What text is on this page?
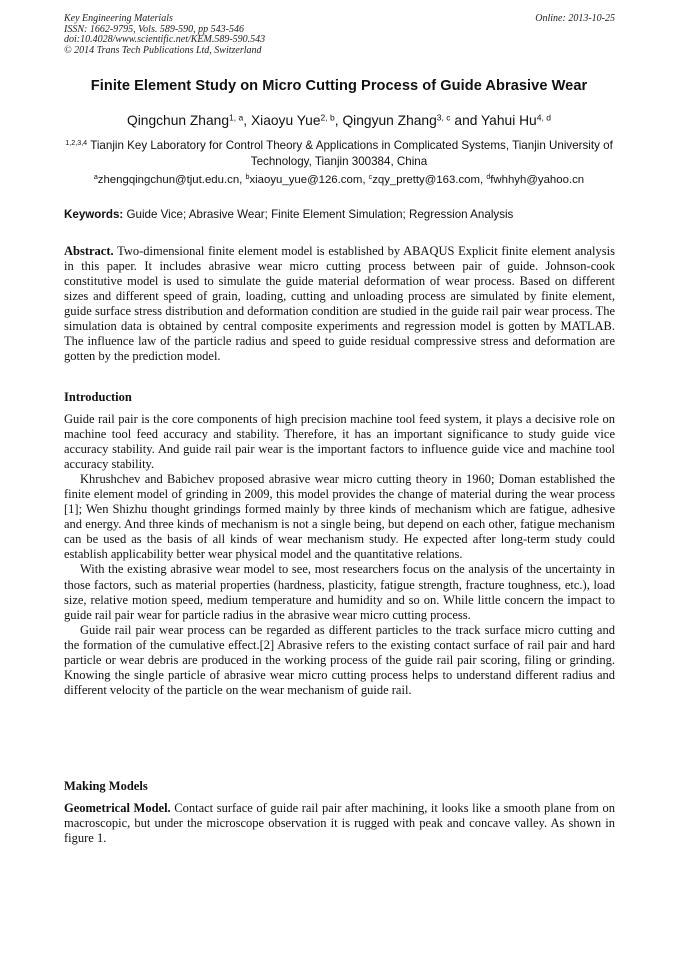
Key Engineering Materials	Online: 2013-10-25
ISSN: 1662-9795, Vols. 589-590, pp 543-546
doi:10.4028/www.scientific.net/KEM.589-590.543
© 2014 Trans Tech Publications Ltd, Switzerland
Finite Element Study on Micro Cutting Process of Guide Abrasive Wear
Qingchun Zhang$^{1, a}$, Xiaoyu Yue$^{2, b}$, Qingyun Zhang$^{3, c}$ and Yahui Hu$^{4, d}$
$^{1,2,3,4}$ Tianjin Key Laboratory for Control Theory & Applications in Complicated Systems, Tianjin University of Technology, Tianjin 300384, China
$^a$zhengqingchun@tjut.edu.cn, $^b$xiaoyu_yue@126.com, $^c$zqy_pretty@163.com, $^d$fwhhyh@yahoo.cn
Keywords: Guide Vice; Abrasive Wear; Finite Element Simulation; Regression Analysis

Abstract. Two-dimensional finite element model is established by ABAQUS Explicit finite element analysis in this paper. It includes abrasive wear micro cutting process between pair of guide. Johnson-cook constitutive model is used to simulate the guide material deformation of wear process. Based on different sizes and different speed of grain, loading, cutting and unloading process are simulated by finite element, guide surface stress distribution and deformation condition are studied in the guide rail pair wear process. The simulation data is obtained by central composite experiments and regression model is gotten by MATLAB. The influence law of the particle radius and speed to guide residual compressive stress and deformation are gotten by the prediction model.

Introduction

Guide rail pair is the core components of high precision machine tool feed system, it plays a decisive role on machine tool feed accuracy and stability. Therefore, it has an important significance to study guide vice accuracy stability. And guide rail pair wear is the important factors to influence guide vice and machine tool accuracy stability.

Khrushchev and Babichev proposed abrasive wear micro cutting theory in 1960; Doman established the finite element model of grinding in 2009, this model provides the change of material during the wear process [1]; Wen Shizhu thought grindings formed mainly by three kinds of mechanism which are fatigue, adhesive and energy. And three kinds of mechanism is not a single being, but depend on each other, fatigue mechanism can be used as the basis of all kinds of wear mechanism study. He expected after long-term study could establish applicability better wear physical model and the quantitative relations.

With the existing abrasive wear model to see, most researchers focus on the analysis of the uncertainty in those factors, such as material properties (hardness, plasticity, fatigue strength, fracture toughness, etc.), load size, relative motion speed, medium temperature and humidity and so on. While little concern the impact to guide rail pair wear for particle radius in the abrasive wear micro cutting process.

Guide rail pair wear process can be regarded as different particles to the track surface micro cutting and the formation of the cumulative effect.[2] Abrasive refers to the existing contact surface of rail pair and hard particle or wear debris are produced in the working process of the guide rail pair scoring, filing or grinding. Knowing the single particle of abrasive wear micro cutting process helps to understand different radius and different velocity of the particle on the wear mechanism of guide rail.

Making Models

Geometrical Model. Contact surface of guide rail pair after machining, it looks like a smooth plane from on macroscopic, but under the microscope observation it is rugged with peak and concave valley. As shown in figure 1.
